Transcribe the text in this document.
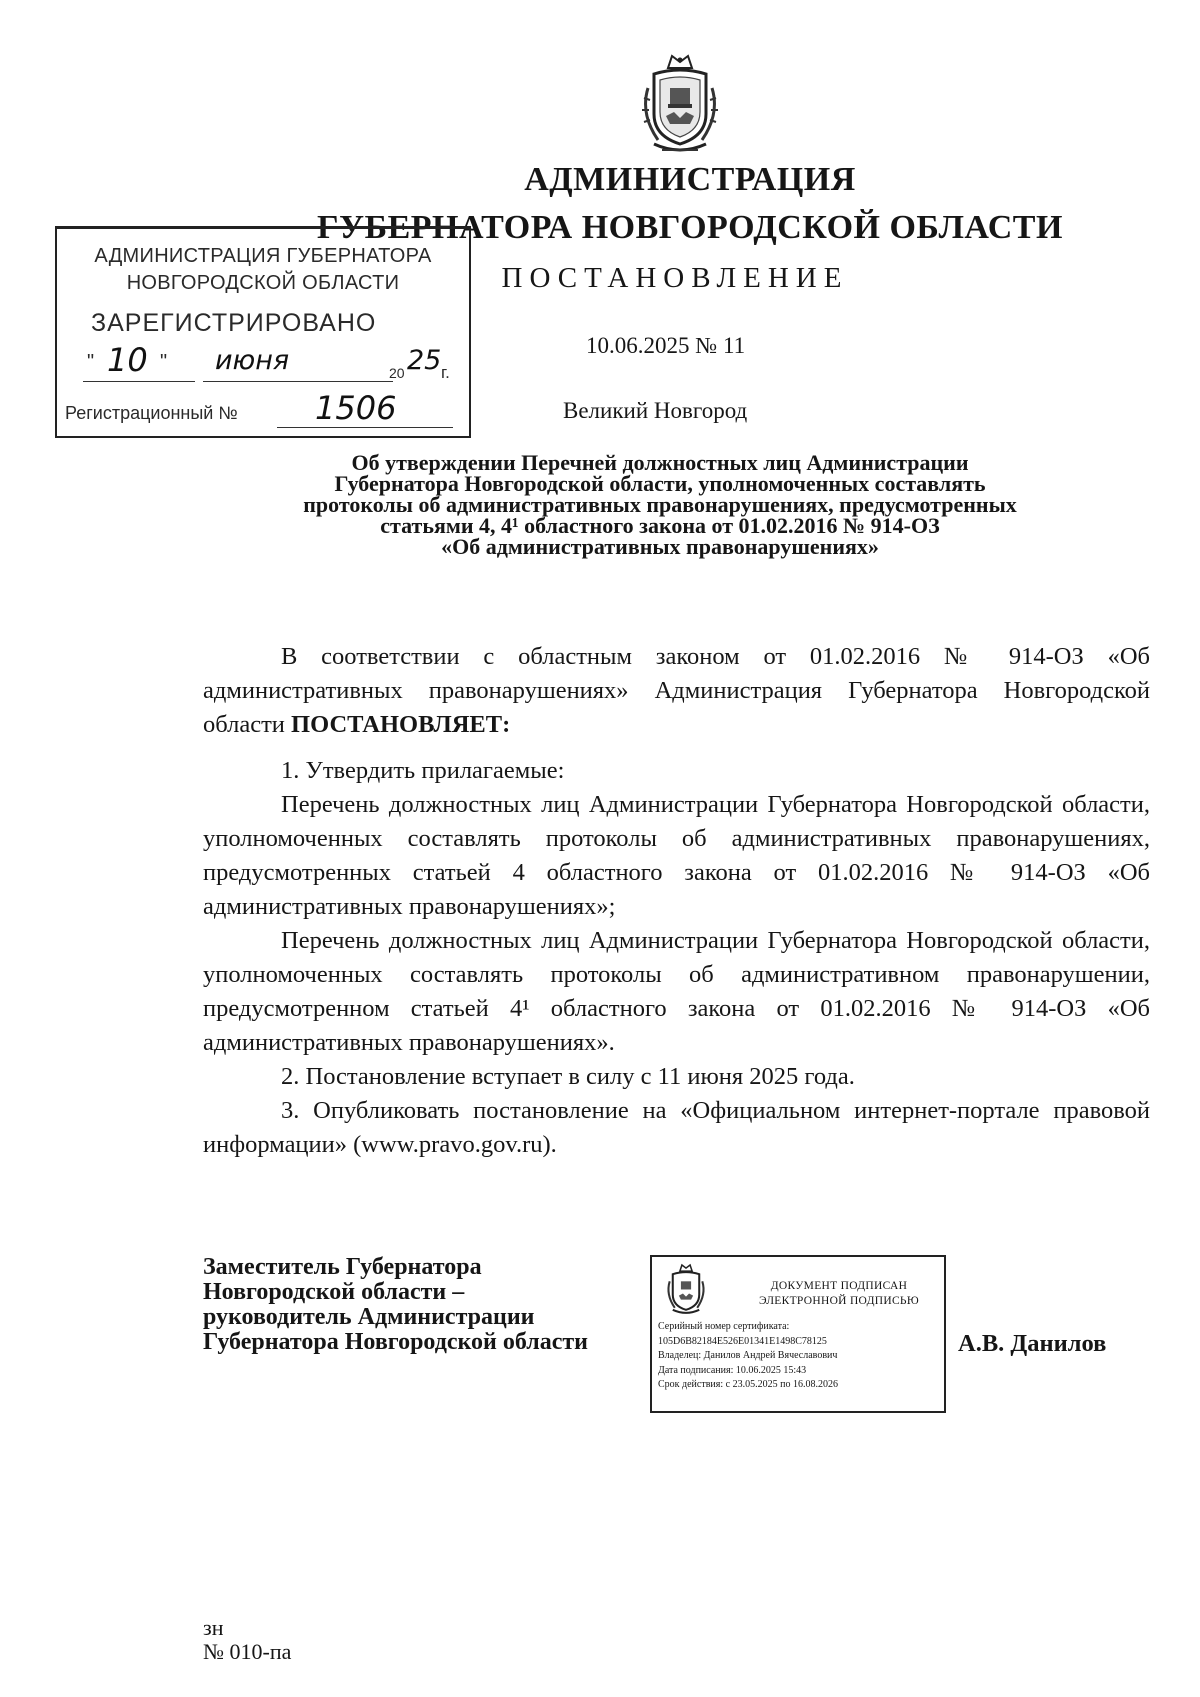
АДМИНИСТРАЦИЯ
ГУБЕРНАТОРА НОВГОРОДСКОЙ ОБЛАСТИ
ПОСТАНОВЛЕНИЕ
10.06.2025 № 11
Великий Новгород
АДМИНИСТРАЦИЯ ГУБЕРНАТОРА
НОВГОРОДСКОЙ ОБЛАСТИ
ЗАРЕГИСТРИРОВАНО
" 10 " июня	20 25 г.
Регистрационный № 1506
Об утверждении Перечней должностных лиц Администрации
Губернатора Новгородской области, уполномоченных составлять
протоколы об административных правонарушениях, предусмотренных
статьями 4, 4¹ областного закона от 01.02.2016 № 914-ОЗ
«Об административных правонарушениях»

В соответствии с областным законом от 01.02.2016 № 914-ОЗ «Об административных правонарушениях» Администрация Губернатора Новгородской области ПОСТАНОВЛЯЕТ:

1. Утвердить прилагаемые:

Перечень должностных лиц Администрации Губернатора Новгородской области, уполномоченных составлять протоколы об административных правонарушениях, предусмотренных статьей 4 областного закона от 01.02.2016 № 914-ОЗ «Об административных правонарушениях»;

Перечень должностных лиц Администрации Губернатора Новгородской области, уполномоченных составлять протоколы об административном правонарушении, предусмотренном статьей 4¹ областного закона от 01.02.2016 № 914-ОЗ «Об административных правонарушениях».

2. Постановление вступает в силу с 11 июня 2025 года.

3. Опубликовать постановление на «Официальном интернет-портале правовой информации» (www.pravo.gov.ru).

Заместитель Губернатора
Новгородской области –
руководитель Администрации
Губернатора Новгородской области
ДОКУМЕНТ ПОДПИСАН
ЭЛЕКТРОННОЙ ПОДПИСЬЮ
Серийный номер сертификата:
105D6B82184E526E01341E1498C78125
Владелец: Данилов Андрей Вячеславович
Дата подписания: 10.06.2025 15:43
Срок действия: с 23.05.2025 по 16.08.2026
А.В. Данилов
зн
№ 010-па
